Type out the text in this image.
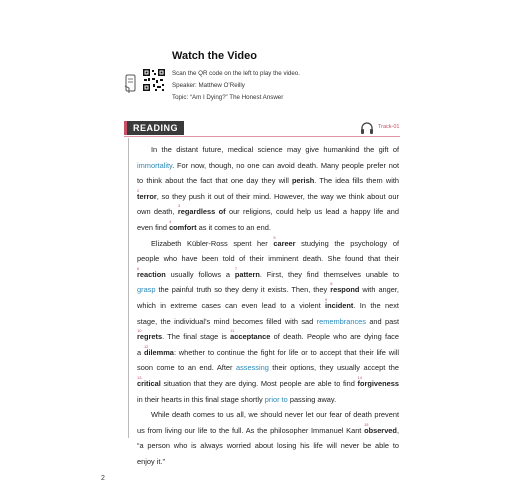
Watch the Video
Scan the QR code on the left to play the video.
Speaker: Matthew O’Reilly
Topic: “Am I Dying?” The Honest Answer
READING	Track-01
In the distant future, medical science may give humankind the gift of
immortality. For now, though, no one can avoid death. Many people prefer not
to think about the fact that one day they will perish. The idea fills them with
terror
2
, so they push it out of their mind. However, the way we think about our
own death, regardless of
3
our religions, could help us lead a happy life and
even find comfort
4
as it comes to an end.
Elizabeth Kübler-Ross spent her career
5
studying the psychology of
people who have been told of their imminent death. She found that their
reaction
6
usually follows a pattern
7
. First, they find themselves unable to
grasp the painful truth so they deny it exists. Then, they respond
8
with anger,
which in extreme cases can even lead to a violent incident
9
. In the next
stage, the individual’s mind becomes filled with sad remembrances and past
regrets
10
. The final stage is acceptance
11
of death. People who are dying face
a dilemma
12
: whether to continue the fight for life or to accept that their life will
soon come to an end. After assessing their options, they usually accept the
critical
13
situation that they are dying. Most people are able to find forgiveness
14
in their hearts in this final stage shortly prior to passing away.
While death comes to us all, we should never let our fear of death prevent
us from living our life to the full. As the philosopher Immanuel Kant observed
15
,
“a person who is always worried about losing his life will never be able to
enjoy it.”
2
